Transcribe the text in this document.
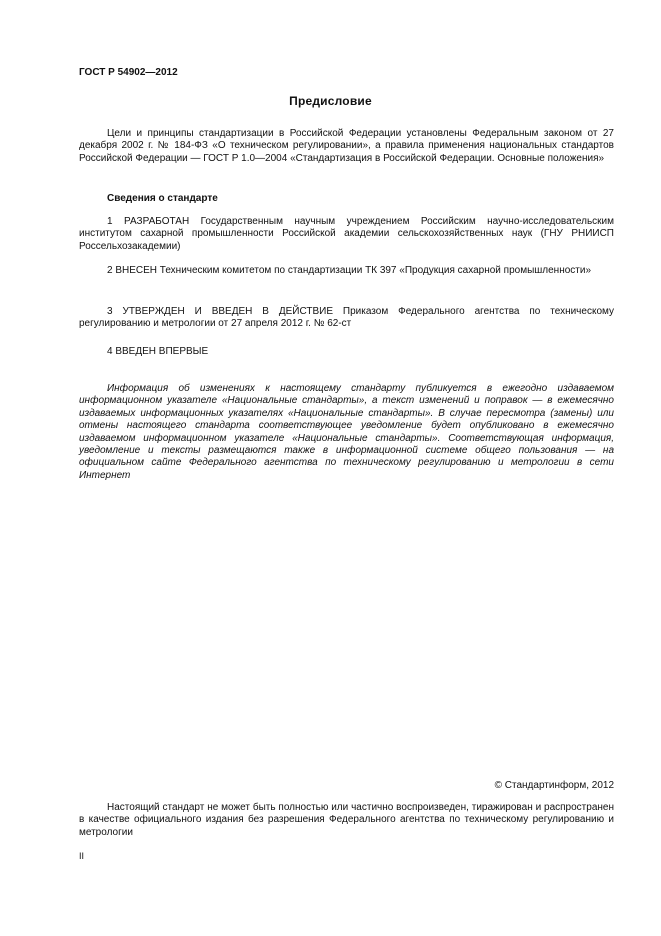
ГОСТ Р 54902—2012
Предисловие

Цели и принципы стандартизации в Российской Федерации установлены Федеральным законом от 27 декабря 2002 г. № 184-ФЗ «О техническом регулировании», а правила применения национальных стандартов Российской Федерации — ГОСТ Р 1.0—2004 «Стандартизация в Российской Федерации. Основные положения»

Сведения о стандарте

1 РАЗРАБОТАН Государственным научным учреждением Российским научно-исследовательским институтом сахарной промышленности Российской академии сельскохозяйственных наук (ГНУ РНИИСП Россельхозакадемии)

2 ВНЕСЕН Техническим комитетом по стандартизации ТК 397 «Продукция сахарной промышленности»

3 УТВЕРЖДЕН И ВВЕДЕН В ДЕЙСТВИЕ Приказом Федерального агентства по техническому регулированию и метрологии от 27 апреля 2012 г. № 62-ст

4 ВВЕДЕН ВПЕРВЫЕ

Информация об изменениях к настоящему стандарту публикуется в ежегодно издаваемом информационном указателе «Национальные стандарты», а текст изменений и поправок — в ежемесячно издаваемых информационных указателях «Национальные стандарты». В случае пересмотра (замены) или отмены настоящего стандарта соответствующее уведомление будет опубликовано в ежемесячно издаваемом информационном указателе «Национальные стандарты». Соответствующая информация, уведомление и тексты размещаются также в информационной системе общего пользования — на официальном сайте Федерального агентства по техническому регулированию и метрологии в сети Интернет

© Стандартинформ, 2012

Настоящий стандарт не может быть полностью или частично воспроизведен, тиражирован и распространен в качестве официального издания без разрешения Федерального агентства по техническому регулированию и метрологии

II
